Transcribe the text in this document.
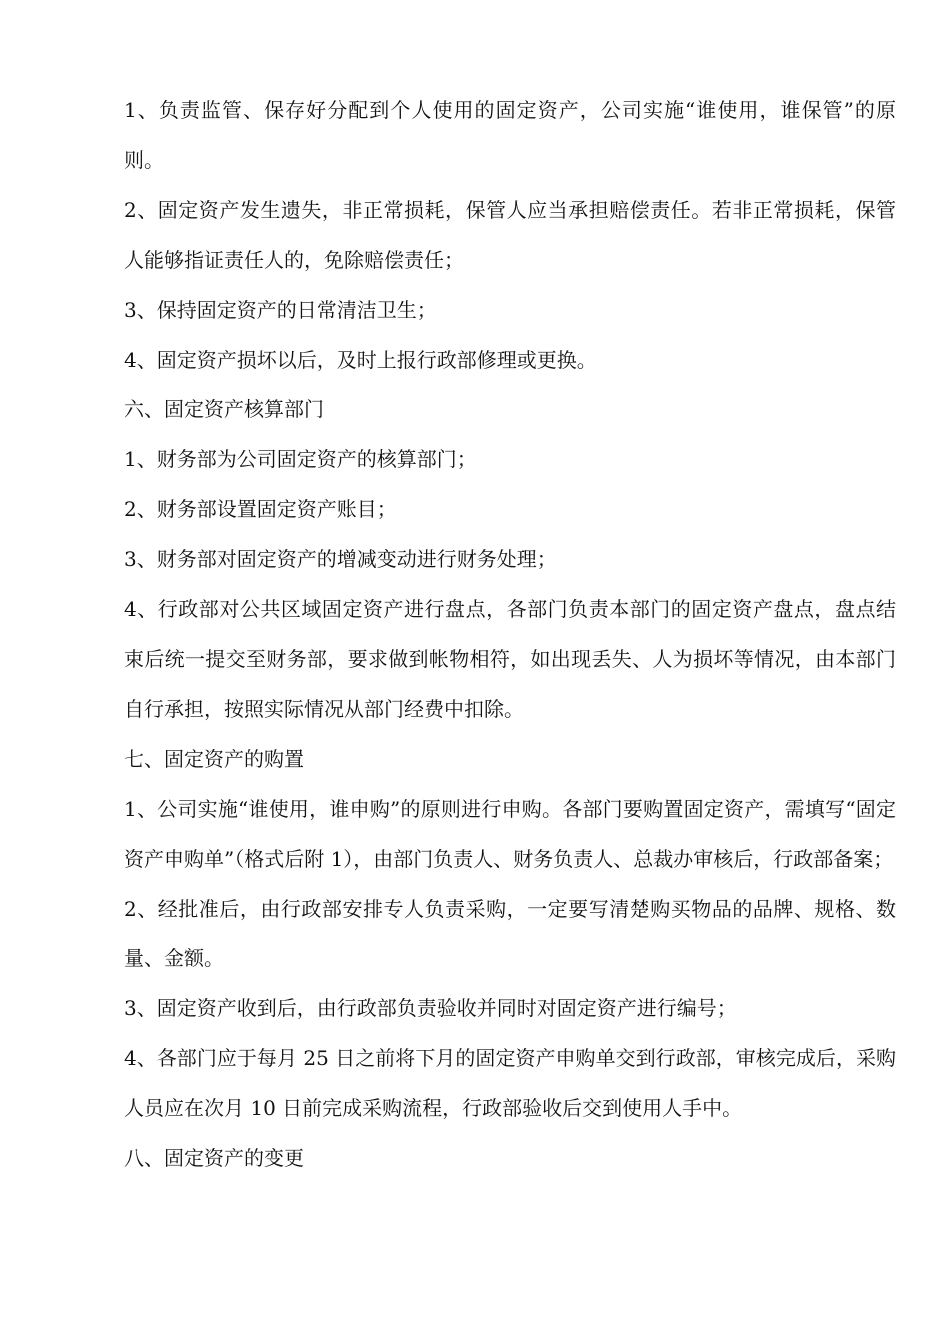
1、负责监管、保存好分配到个人使用的固定资产，公司实施“谁使用，谁保管”的原则。

2、固定资产发生遗失，非正常损耗，保管人应当承担赔偿责任。若非正常损耗，保管人能够指证责任人的，免除赔偿责任；

3、保持固定资产的日常清洁卫生；

4、固定资产损坏以后，及时上报行政部修理或更换。

六、固定资产核算部门

1、财务部为公司固定资产的核算部门；

2、财务部设置固定资产账目；

3、财务部对固定资产的增减变动进行财务处理；

4、行政部对公共区域固定资产进行盘点，各部门负责本部门的固定资产盘点，盘点结束后统一提交至财务部，要求做到帐物相符，如出现丢失、人为损坏等情况，由本部门自行承担，按照实际情况从部门经费中扣除。

七、固定资产的购置

1、公司实施“谁使用，谁申购”的原则进行申购。各部门要购置固定资产，需填写“固定资产申购单”（格式后附 1），由部门负责人、财务负责人、总裁办审核后，行政部备案；

2、经批准后，由行政部安排专人负责采购，一定要写清楚购买物品的品牌、规格、数量、金额。

3、固定资产收到后，由行政部负责验收并同时对固定资产进行编号；

4、各部门应于每月 25 日之前将下月的固定资产申购单交到行政部，审核完成后，采购人员应在次月 10 日前完成采购流程，行政部验收后交到使用人手中。

八、固定资产的变更
